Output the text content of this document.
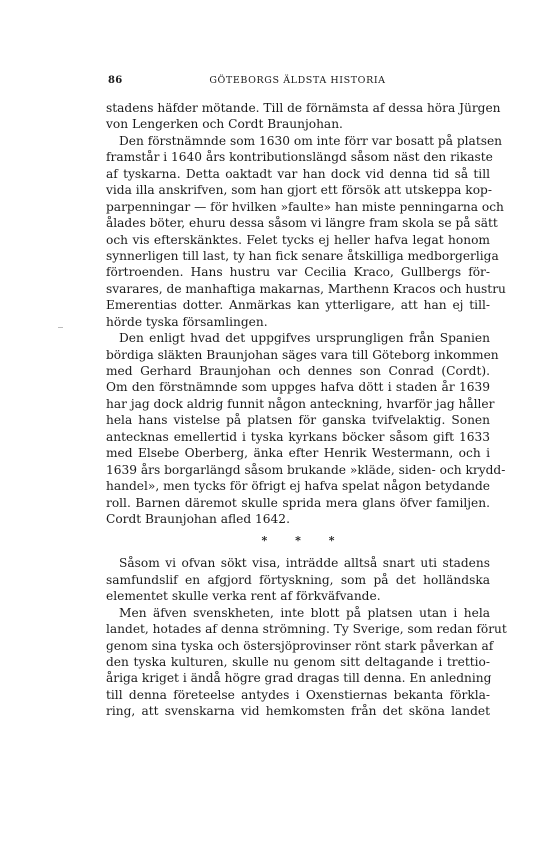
86	GÖTEBORGS ÄLDSTA HISTORIA
stadens häfder mötande. Till de förnämsta af dessa höra Jürgen
von Lengerken och Cordt Braunjohan.
Den förstnämnde som 1630 om inte förr var bosatt på platsen
framstår i 1640 års kontributionslängd såsom näst den rikaste
af tyskarna. Detta oaktadt var han dock vid denna tid så till
vida illa anskrifven, som han gjort ett försök att utskeppa kop-
parpenningar — för hvilken »faulte» han miste penningarna och
ålades böter, ehuru dessa såsom vi längre fram skola se på sätt
och vis efterskänktes. Felet tycks ej heller hafva legat honom
synnerligen till last, ty han fick senare åtskilliga medborgerliga
förtroenden. Hans hustru var Cecilia Kraco, Gullbergs för-
svarares, de manhaftiga makarnas, Marthenn Kracos och hustru
Emerentias dotter. Anmärkas kan ytterligare, att han ej till-
hörde tyska församlingen.
Den enligt hvad det uppgifves ursprungligen från Spanien
bördiga släkten Braunjohan säges vara till Göteborg inkommen
med Gerhard Braunjohan och dennes son Conrad (Cordt).
Om den förstnämnde som uppges hafva dött i staden år 1639
har jag dock aldrig funnit någon anteckning, hvarför jag håller
hela hans vistelse på platsen för ganska tvifvelaktig. Sonen
antecknas emellertid i tyska kyrkans böcker såsom gift 1633
med Elsebe Oberberg, änka efter Henrik Westermann, och i
1639 års borgarlängd såsom brukande »kläde, siden- och krydd-
handel», men tycks för öfrigt ej hafva spelat någon betydande
roll. Barnen däremot skulle sprida mera glans öfver familjen.
Cordt Braunjohan afled 1642.
* * *
Såsom vi ofvan sökt visa, inträdde alltså snart uti stadens
samfundslif en afgjord förtyskning, som på det holländska
elementet skulle verka rent af förkväfvande.
Men äfven svenskheten, inte blott på platsen utan i hela
landet, hotades af denna strömning. Ty Sverige, som redan förut
genom sina tyska och östersjöprovinser rönt stark påverkan af
den tyska kulturen, skulle nu genom sitt deltagande i trettio-
åriga kriget i ändå högre grad dragas till denna. En anledning
till denna företeelse antydes i Oxenstiernas bekanta förkla-
ring, att svenskarna vid hemkomsten från det sköna landet
